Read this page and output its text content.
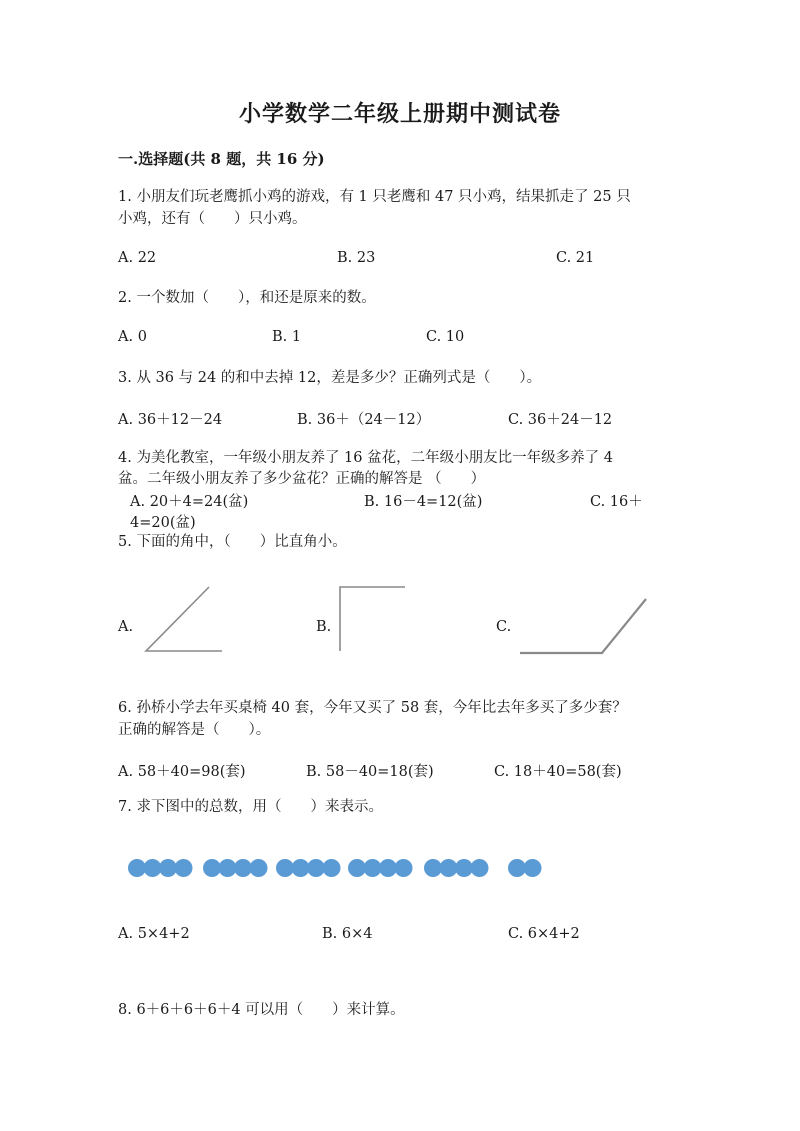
小学数学二年级上册期中测试卷
一.选择题(共 8 题，共 16 分)
1. 小朋友们玩老鹰抓小鸡的游戏，有 1 只老鹰和 47 只小鸡，结果抓走了 25 只
小鸡，还有（　　）只小鸡。
A. 22	B. 23	C. 21
2. 一个数加（　　），和还是原来的数。
A. 0	B. 1	C. 10
3. 从 36 与 24 的和中去掉 12，差是多少？正确列式是（　　）。
A. 36＋12－24	B. 36＋（24－12）	C. 36＋24－12
4. 为美化教室，一年级小朋友养了 16 盆花，二年级小朋友比一年级多养了 4
盆。二年级小朋友养了多少盆花？正确的解答是 （　　）
A. 20＋4=24(盆)	B. 16－4=12(盆)	C. 16＋
4=20(盆)
5. 下面的角中，（　　）比直角小。
A.	B.	C.
6. 孙桥小学去年买桌椅 40 套，今年又买了 58 套，今年比去年多买了多少套？
正确的解答是（　　）。
A. 58＋40=98(套)	B. 58－40=18(套)	C. 18＋40=58(套)
7. 求下图中的总数，用（　　）来表示。
A. 5×4+2	B. 6×4	C. 6×4+2
8. 6＋6＋6＋6＋4 可以用（　　）来计算。
